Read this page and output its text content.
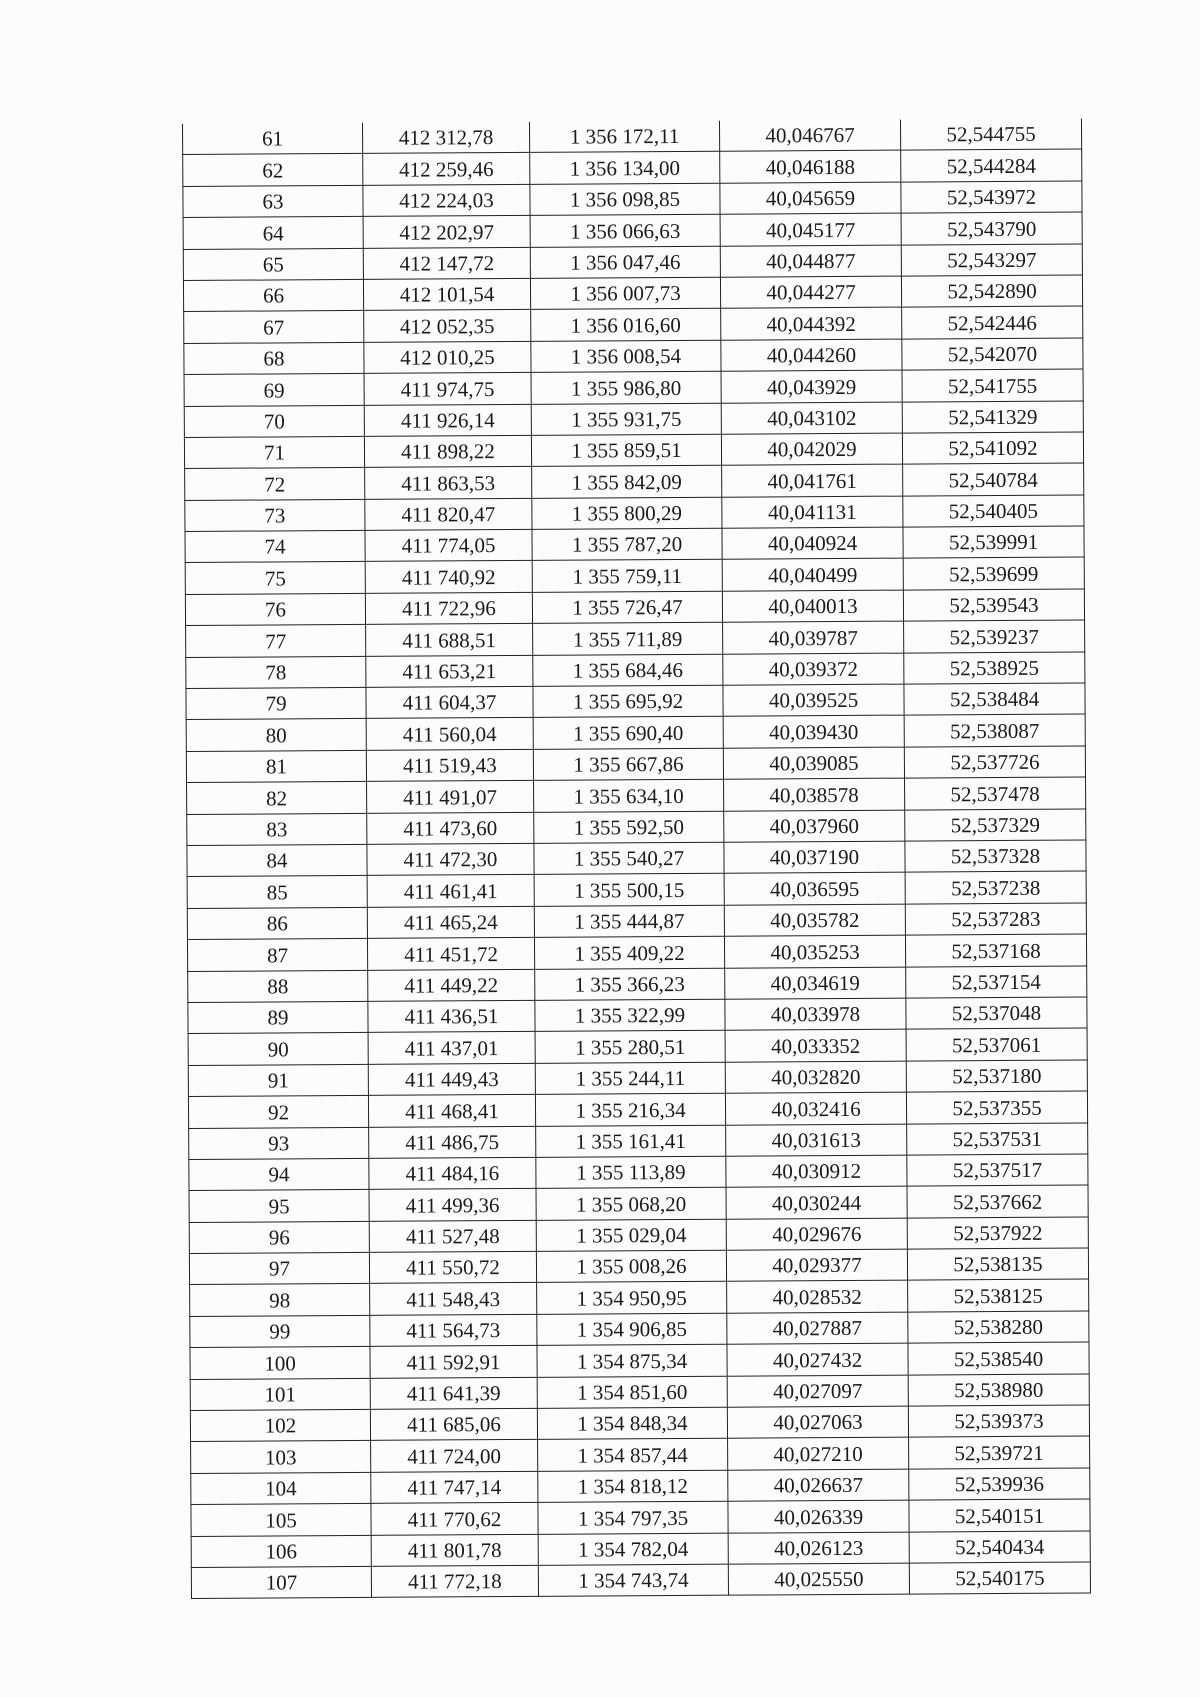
61	412 312,78	1 356 172,11	40,046767	52,544755
62	412 259,46	1 356 134,00	40,046188	52,544284
63	412 224,03	1 356 098,85	40,045659	52,543972
64	412 202,97	1 356 066,63	40,045177	52,543790
65	412 147,72	1 356 047,46	40,044877	52,543297
66	412 101,54	1 356 007,73	40,044277	52,542890
67	412 052,35	1 356 016,60	40,044392	52,542446
68	412 010,25	1 356 008,54	40,044260	52,542070
69	411 974,75	1 355 986,80	40,043929	52,541755
70	411 926,14	1 355 931,75	40,043102	52,541329
71	411 898,22	1 355 859,51	40,042029	52,541092
72	411 863,53	1 355 842,09	40,041761	52,540784
73	411 820,47	1 355 800,29	40,041131	52,540405
74	411 774,05	1 355 787,20	40,040924	52,539991
75	411 740,92	1 355 759,11	40,040499	52,539699
76	411 722,96	1 355 726,47	40,040013	52,539543
77	411 688,51	1 355 711,89	40,039787	52,539237
78	411 653,21	1 355 684,46	40,039372	52,538925
79	411 604,37	1 355 695,92	40,039525	52,538484
80	411 560,04	1 355 690,40	40,039430	52,538087
81	411 519,43	1 355 667,86	40,039085	52,537726
82	411 491,07	1 355 634,10	40,038578	52,537478
83	411 473,60	1 355 592,50	40,037960	52,537329
84	411 472,30	1 355 540,27	40,037190	52,537328
85	411 461,41	1 355 500,15	40,036595	52,537238
86	411 465,24	1 355 444,87	40,035782	52,537283
87	411 451,72	1 355 409,22	40,035253	52,537168
88	411 449,22	1 355 366,23	40,034619	52,537154
89	411 436,51	1 355 322,99	40,033978	52,537048
90	411 437,01	1 355 280,51	40,033352	52,537061
91	411 449,43	1 355 244,11	40,032820	52,537180
92	411 468,41	1 355 216,34	40,032416	52,537355
93	411 486,75	1 355 161,41	40,031613	52,537531
94	411 484,16	1 355 113,89	40,030912	52,537517
95	411 499,36	1 355 068,20	40,030244	52,537662
96	411 527,48	1 355 029,04	40,029676	52,537922
97	411 550,72	1 355 008,26	40,029377	52,538135
98	411 548,43	1 354 950,95	40,028532	52,538125
99	411 564,73	1 354 906,85	40,027887	52,538280
100	411 592,91	1 354 875,34	40,027432	52,538540
101	411 641,39	1 354 851,60	40,027097	52,538980
102	411 685,06	1 354 848,34	40,027063	52,539373
103	411 724,00	1 354 857,44	40,027210	52,539721
104	411 747,14	1 354 818,12	40,026637	52,539936
105	411 770,62	1 354 797,35	40,026339	52,540151
106	411 801,78	1 354 782,04	40,026123	52,540434
107	411 772,18	1 354 743,74	40,025550	52,540175
